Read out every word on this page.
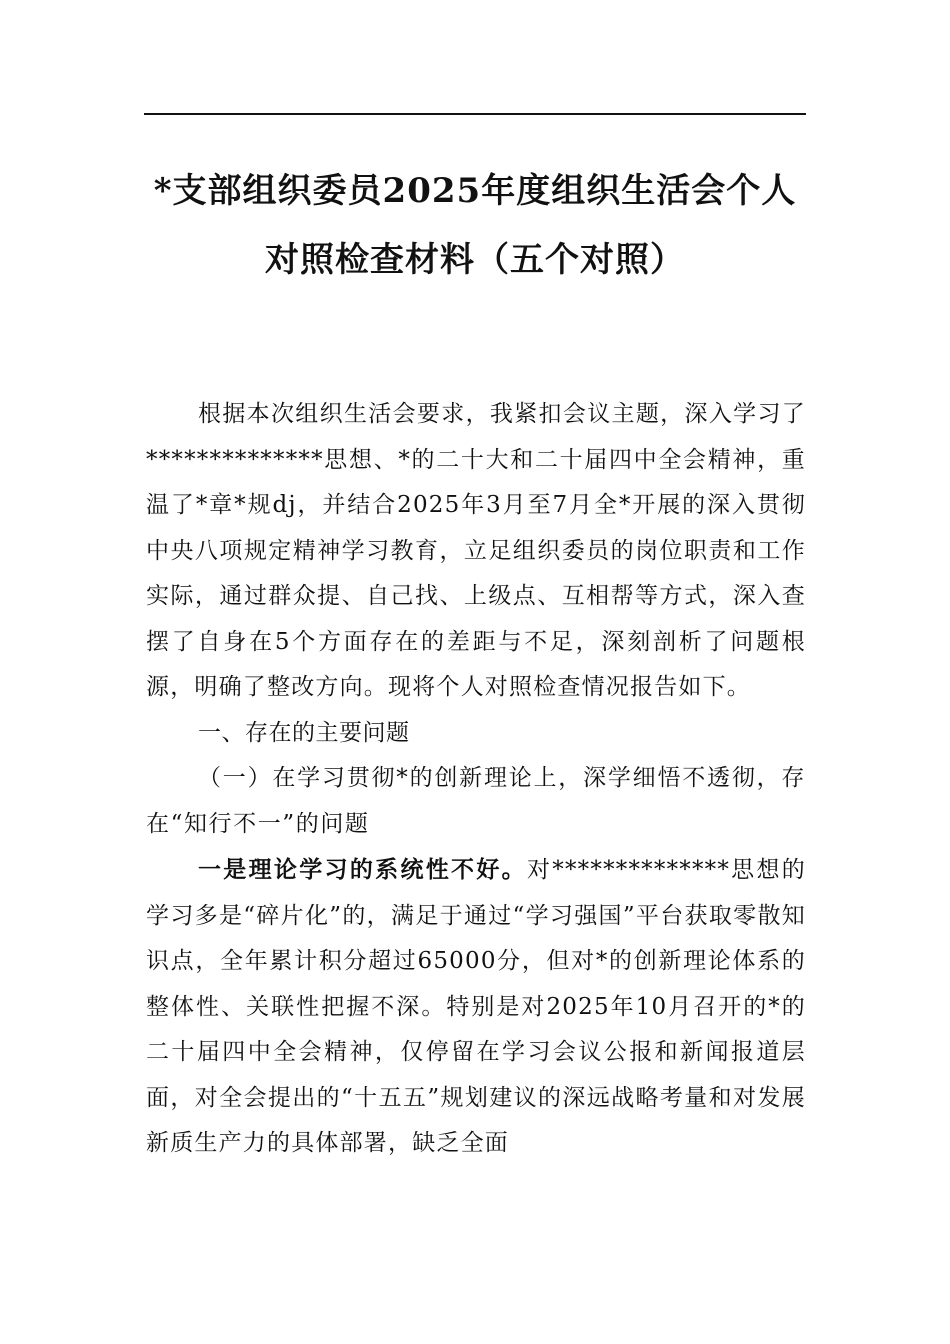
*支部组织委员2025年度组织生活会个人
对照检查材料（五个对照）

根据本次组织生活会要求，我紧扣会议主题，深入学习了**************思想、*的二十大和二十届四中全会精神，重温了*章*规dj，并结合2025年3月至7月全*开展的深入贯彻中央八项规定精神学习教育，立足组织委员的岗位职责和工作实际，通过群众提、自己找、上级点、互相帮等方式，深入查摆了自身在5个方面存在的差距与不足，深刻剖析了问题根源，明确了整改方向。现将个人对照检查情况报告如下。

一、存在的主要问题

（一）在学习贯彻*的创新理论上，深学细悟不透彻，存在“知行不一”的问题

一是理论学习的系统性不好。对**************思想的学习多是“碎片化”的，满足于通过“学习强国”平台获取零散知识点，全年累计积分超过65000分，但对*的创新理论体系的整体性、关联性把握不深。特别是对2025年10月召开的*的二十届四中全会精神，仅停留在学习会议公报和新闻报道层面，对全会提出的“十五五”规划建议的深远战略考量和对发展新质生产力的具体部署，缺乏全面
